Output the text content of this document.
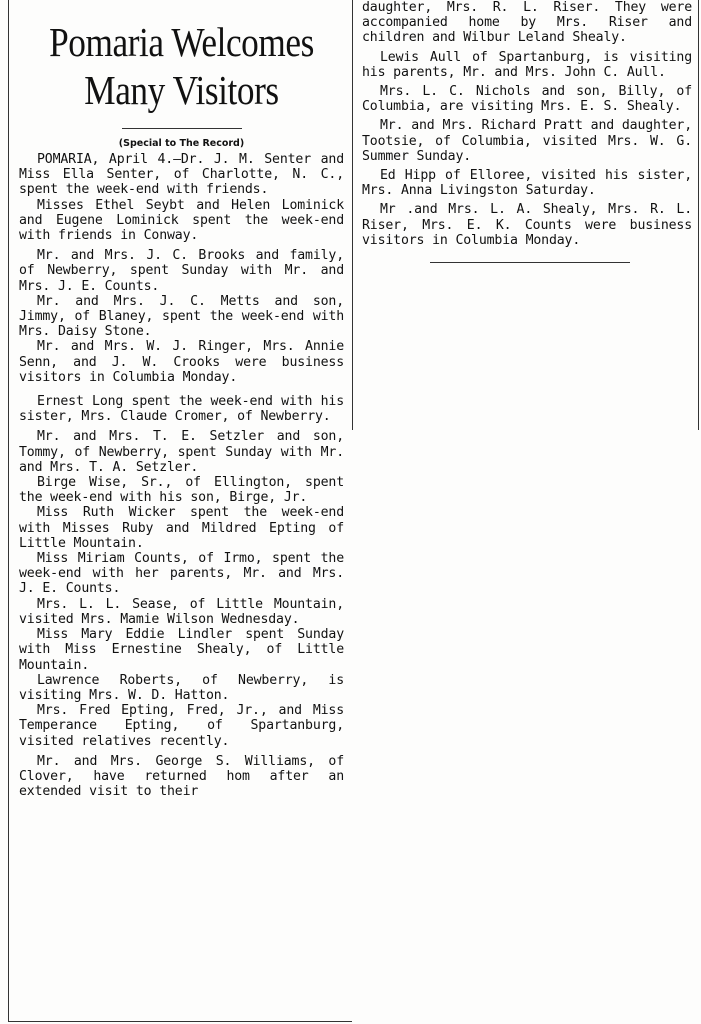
Pomaria Welcomes
Many Visitors
(Special to The Record)

POMARIA, April 4.—Dr. J. M. Senter and Miss Ella Senter, of Charlotte, N. C., spent the week-end with friends.

Misses Ethel Seybt and Helen Lominick and Eugene Lominick spent the week-end with friends in Conway.

Mr. and Mrs. J. C. Brooks and family, of Newberry, spent Sunday with Mr. and Mrs. J. E. Counts.

Mr. and Mrs. J. C. Metts and son, Jimmy, of Blaney, spent the week-end with Mrs. Daisy Stone.

Mr. and Mrs. W. J. Ringer, Mrs. Annie Senn, and J. W. Crooks were business visitors in Columbia Monday.

Ernest Long spent the week-end with his sister, Mrs. Claude Cromer, of Newberry.

Mr. and Mrs. T. E. Setzler and son, Tommy, of Newberry, spent Sunday with Mr. and Mrs. T. A. Setzler.

Birge Wise, Sr., of Ellington, spent the week-end with his son, Birge, Jr.

Miss Ruth Wicker spent the week-end with Misses Ruby and Mildred Epting of Little Mountain.

Miss Miriam Counts, of Irmo, spent the week-end with her parents, Mr. and Mrs. J. E. Counts.

Mrs. L. L. Sease, of Little Mountain, visited Mrs. Mamie Wilson Wednesday.

Miss Mary Eddie Lindler spent Sunday with Miss Ernestine Shealy, of Little Mountain.

Lawrence Roberts, of Newberry, is visiting Mrs. W. D. Hatton.

Mrs. Fred Epting, Fred, Jr., and Miss Temperance Epting, of Spartanburg, visited relatives recently.

Mr. and Mrs. George S. Williams, of Clover, have returned hom after an extended visit to their

daughter, Mrs. R. L. Riser. They were accompanied home by Mrs. Riser and children and Wilbur Leland Shealy.

Lewis Aull of Spartanburg, is visiting his parents, Mr. and Mrs. John C. Aull.

Mrs. L. C. Nichols and son, Billy, of Columbia, are visiting Mrs. E. S. Shealy.

Mr. and Mrs. Richard Pratt and daughter, Tootsie, of Columbia, visited Mrs. W. G. Summer Sunday.

Ed Hipp of Elloree, visited his sister, Mrs. Anna Livingston Saturday.

Mr .and Mrs. L. A. Shealy, Mrs. R. L. Riser, Mrs. E. K. Counts were business visitors in Columbia Monday.
